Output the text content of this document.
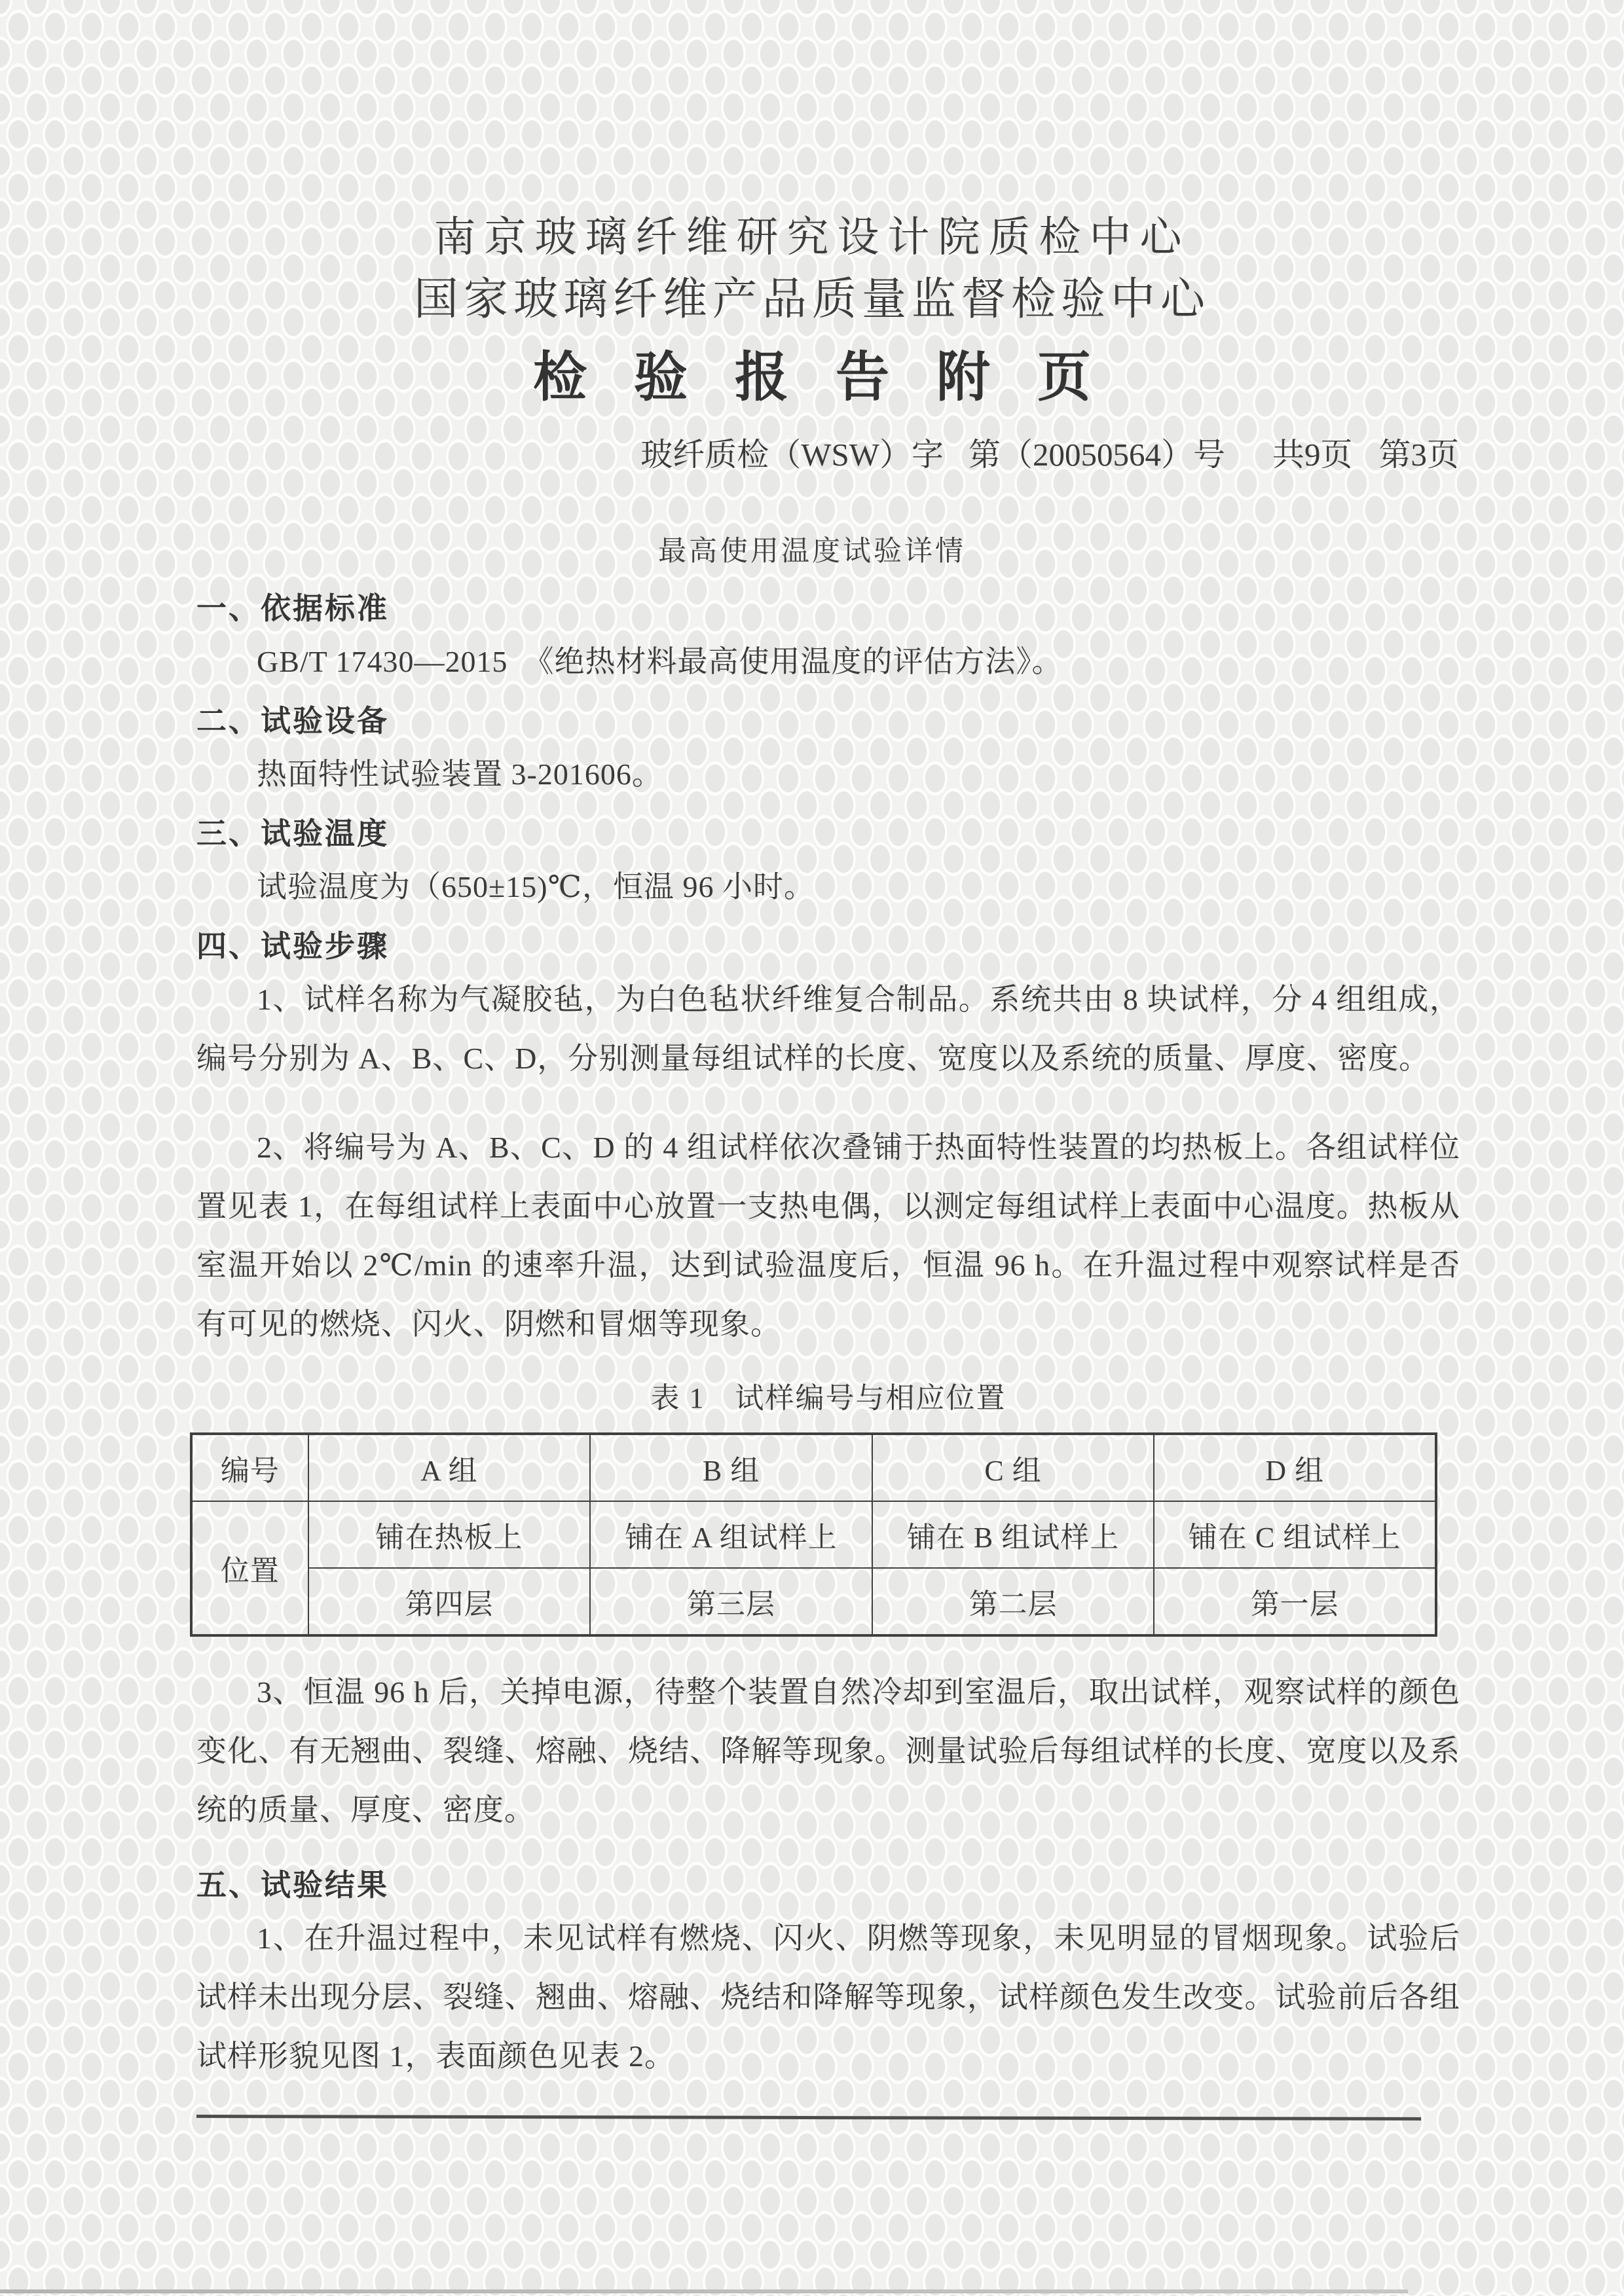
南京玻璃纤维研究设计院质检中心
国家玻璃纤维产品质量监督检验中心
检验报告附页
玻纤质检（WSW）字 第（20050564）号 共9页 第3页
最高使用温度试验详情
一、依据标准
GB/T 17430—2015　《绝热材料最高使用温度的评估方法》。
二、试验设备
热面特性试验装置 3-201606。
三、试验温度
试验温度为（650±15)℃，恒温 96 小时。
四、试验步骤

1、试样名称为气凝胶毡，为白色毡状纤维复合制品。系统共由 8 块试样，分 4 组组成，编号分别为 A、B、C、D，分别测量每组试样的长度、宽度以及系统的质量、厚度、密度。

2、将编号为 A、B、C、D 的 4 组试样依次叠铺于热面特性装置的均热板上。各组试样位置见表 1，在每组试样上表面中心放置一支热电偶，以测定每组试样上表面中心温度。热板从室温开始以 2℃/min 的速率升温，达到试验温度后，恒温 96 h。在升温过程中观察试样是否有可见的燃烧、闪火、阴燃和冒烟等现象。

表 1　试样编号与相应位置
编号	A 组	B 组	C 组	D 组
位置	铺在热板上	铺在 A 组试样上	铺在 B 组试样上	铺在 C 组试样上
	第四层	第三层	第二层	第一层

3、恒温 96 h 后，关掉电源，待整个装置自然冷却到室温后，取出试样，观察试样的颜色变化、有无翘曲、裂缝、熔融、烧结、降解等现象。测量试验后每组试样的长度、宽度以及系统的质量、厚度、密度。

五、试验结果

1、在升温过程中，未见试样有燃烧、闪火、阴燃等现象，未见明显的冒烟现象。试验后试样未出现分层、裂缝、翘曲、熔融、烧结和降解等现象，试样颜色发生改变。试验前后各组试样形貌见图 1，表面颜色见表 2。
